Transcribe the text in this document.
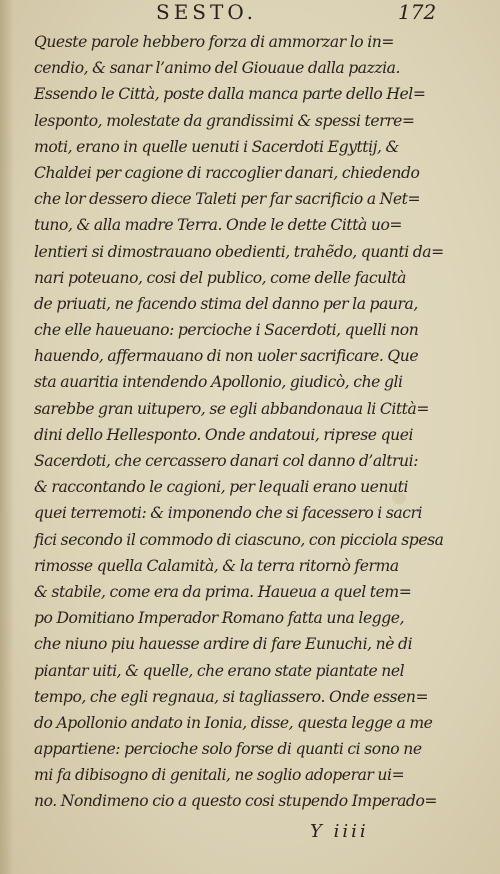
SESTO.	172
Queste parole hebbero forza di ammorzar lo in=
cendio, & sanar l’animo del Giouaue dalla pazzia.
Essendo le Città, poste dalla manca parte dello Hel=
lesponto, molestate da grandissimi & spessi terre=
moti, erano in quelle uenuti i Sacerdoti Egyttij, &
Chaldei per cagione di raccoglier danari, chiedendo
che lor dessero diece Taleti per far sacrificio a Net=
tuno, & alla madre Terra. Onde le dette Città uo=
lentieri si dimostrauano obedienti, trahẽdo, quanti da=
nari poteuano, cosi del publico, come delle facultà
de priuati, ne facendo stima del danno per la paura,
che elle haueuano: percioche i Sacerdoti, quelli non
hauendo, affermauano di non uoler sacrificare. Que
sta auaritia intendendo Apollonio, giudicò, che gli
sarebbe gran uitupero, se egli abbandonaua li Città=
dini dello Hellesponto. Onde andatoui, riprese quei
Sacerdoti, che cercassero danari col danno d’altrui:
& raccontando le cagioni, per lequali erano uenuti
quei terremoti: & imponendo che si facessero i sacri
fici secondo il commodo di ciascuno, con picciola spesa
rimosse quella Calamità, & la terra ritornò ferma
& stabile, come era da prima. Haueua a quel tem=
po Domitiano Imperador Romano fatta una legge,
che niuno piu hauesse ardire di fare Eunuchi, nè di
piantar uiti, & quelle, che erano state piantate nel
tempo, che egli regnaua, si tagliassero. Onde essen=
do Apollonio andato in Ionia, disse, questa legge a me
appartiene: percioche solo forse di quanti ci sono ne
mi fa dibisogno di genitali, ne soglio adoperar ui=
no. Nondimeno cio a questo cosi stupendo Imperado=
Y iiii
